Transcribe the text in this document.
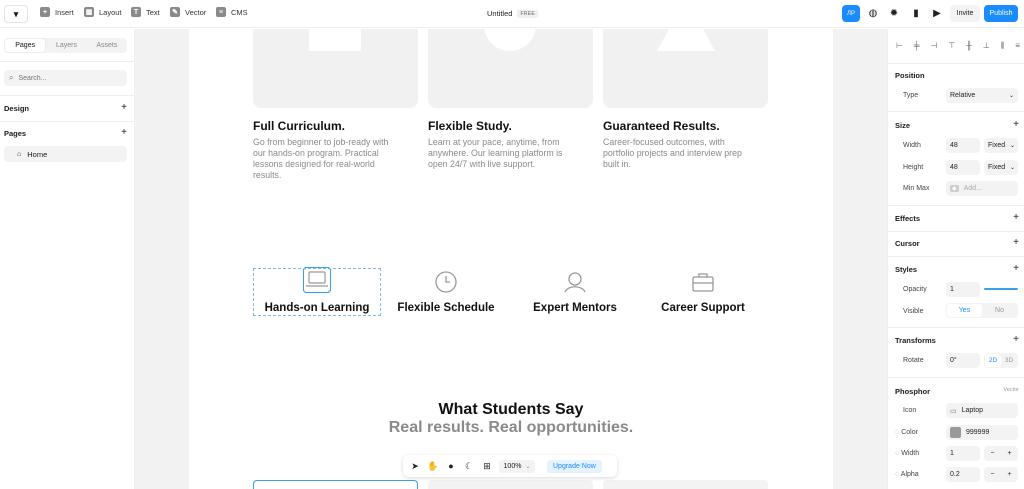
▾	+	Insert ▦ Layout	T	Text ✎ Vector	≡	CMS	Untitled	FREE	ЛР	◍	✹	▮	▶	Invite	Publish
Pages	Layers	Assets
⌕
Search...
Design	+
Pages	+
⌂ Home
Full Curriculum.
Go from beginner to job-ready with our hands-on program. Practical lessons designed for real-world results.
Flexible Study.
Learn at your pace, anytime, from anywhere. Our learning platform is open 24/7 with live support.
Guaranteed Results.
Career-focused outcomes, with portfolio projects and interview prep built in.
Hands-on Learning	Flexible Schedule	Expert Mentors	Career Support
What Students Say
Real results. Real opportunities.
➤ ✋	●	☾ ⊞	100% ⌄	Upgrade Now
⊢ ╪ ⊣ ⊤ ╫ ⊥ ⫼ ≡
Position
Type	Relative	⌄
Size	+
Width	48	Fixed ⌄
Height	48	Fixed ⌄
Min Max	◆ Add...
Effects	+
Cursor	+
Styles	+
Opacity	1
Visible	Yes	No
Transforms	+
Rotate	0°	2D	3D
Phosphor	Vector
Icon	▭ Laptop
○ Color	999999
○ Width	1	− +
○ Alpha	0.2	− +
